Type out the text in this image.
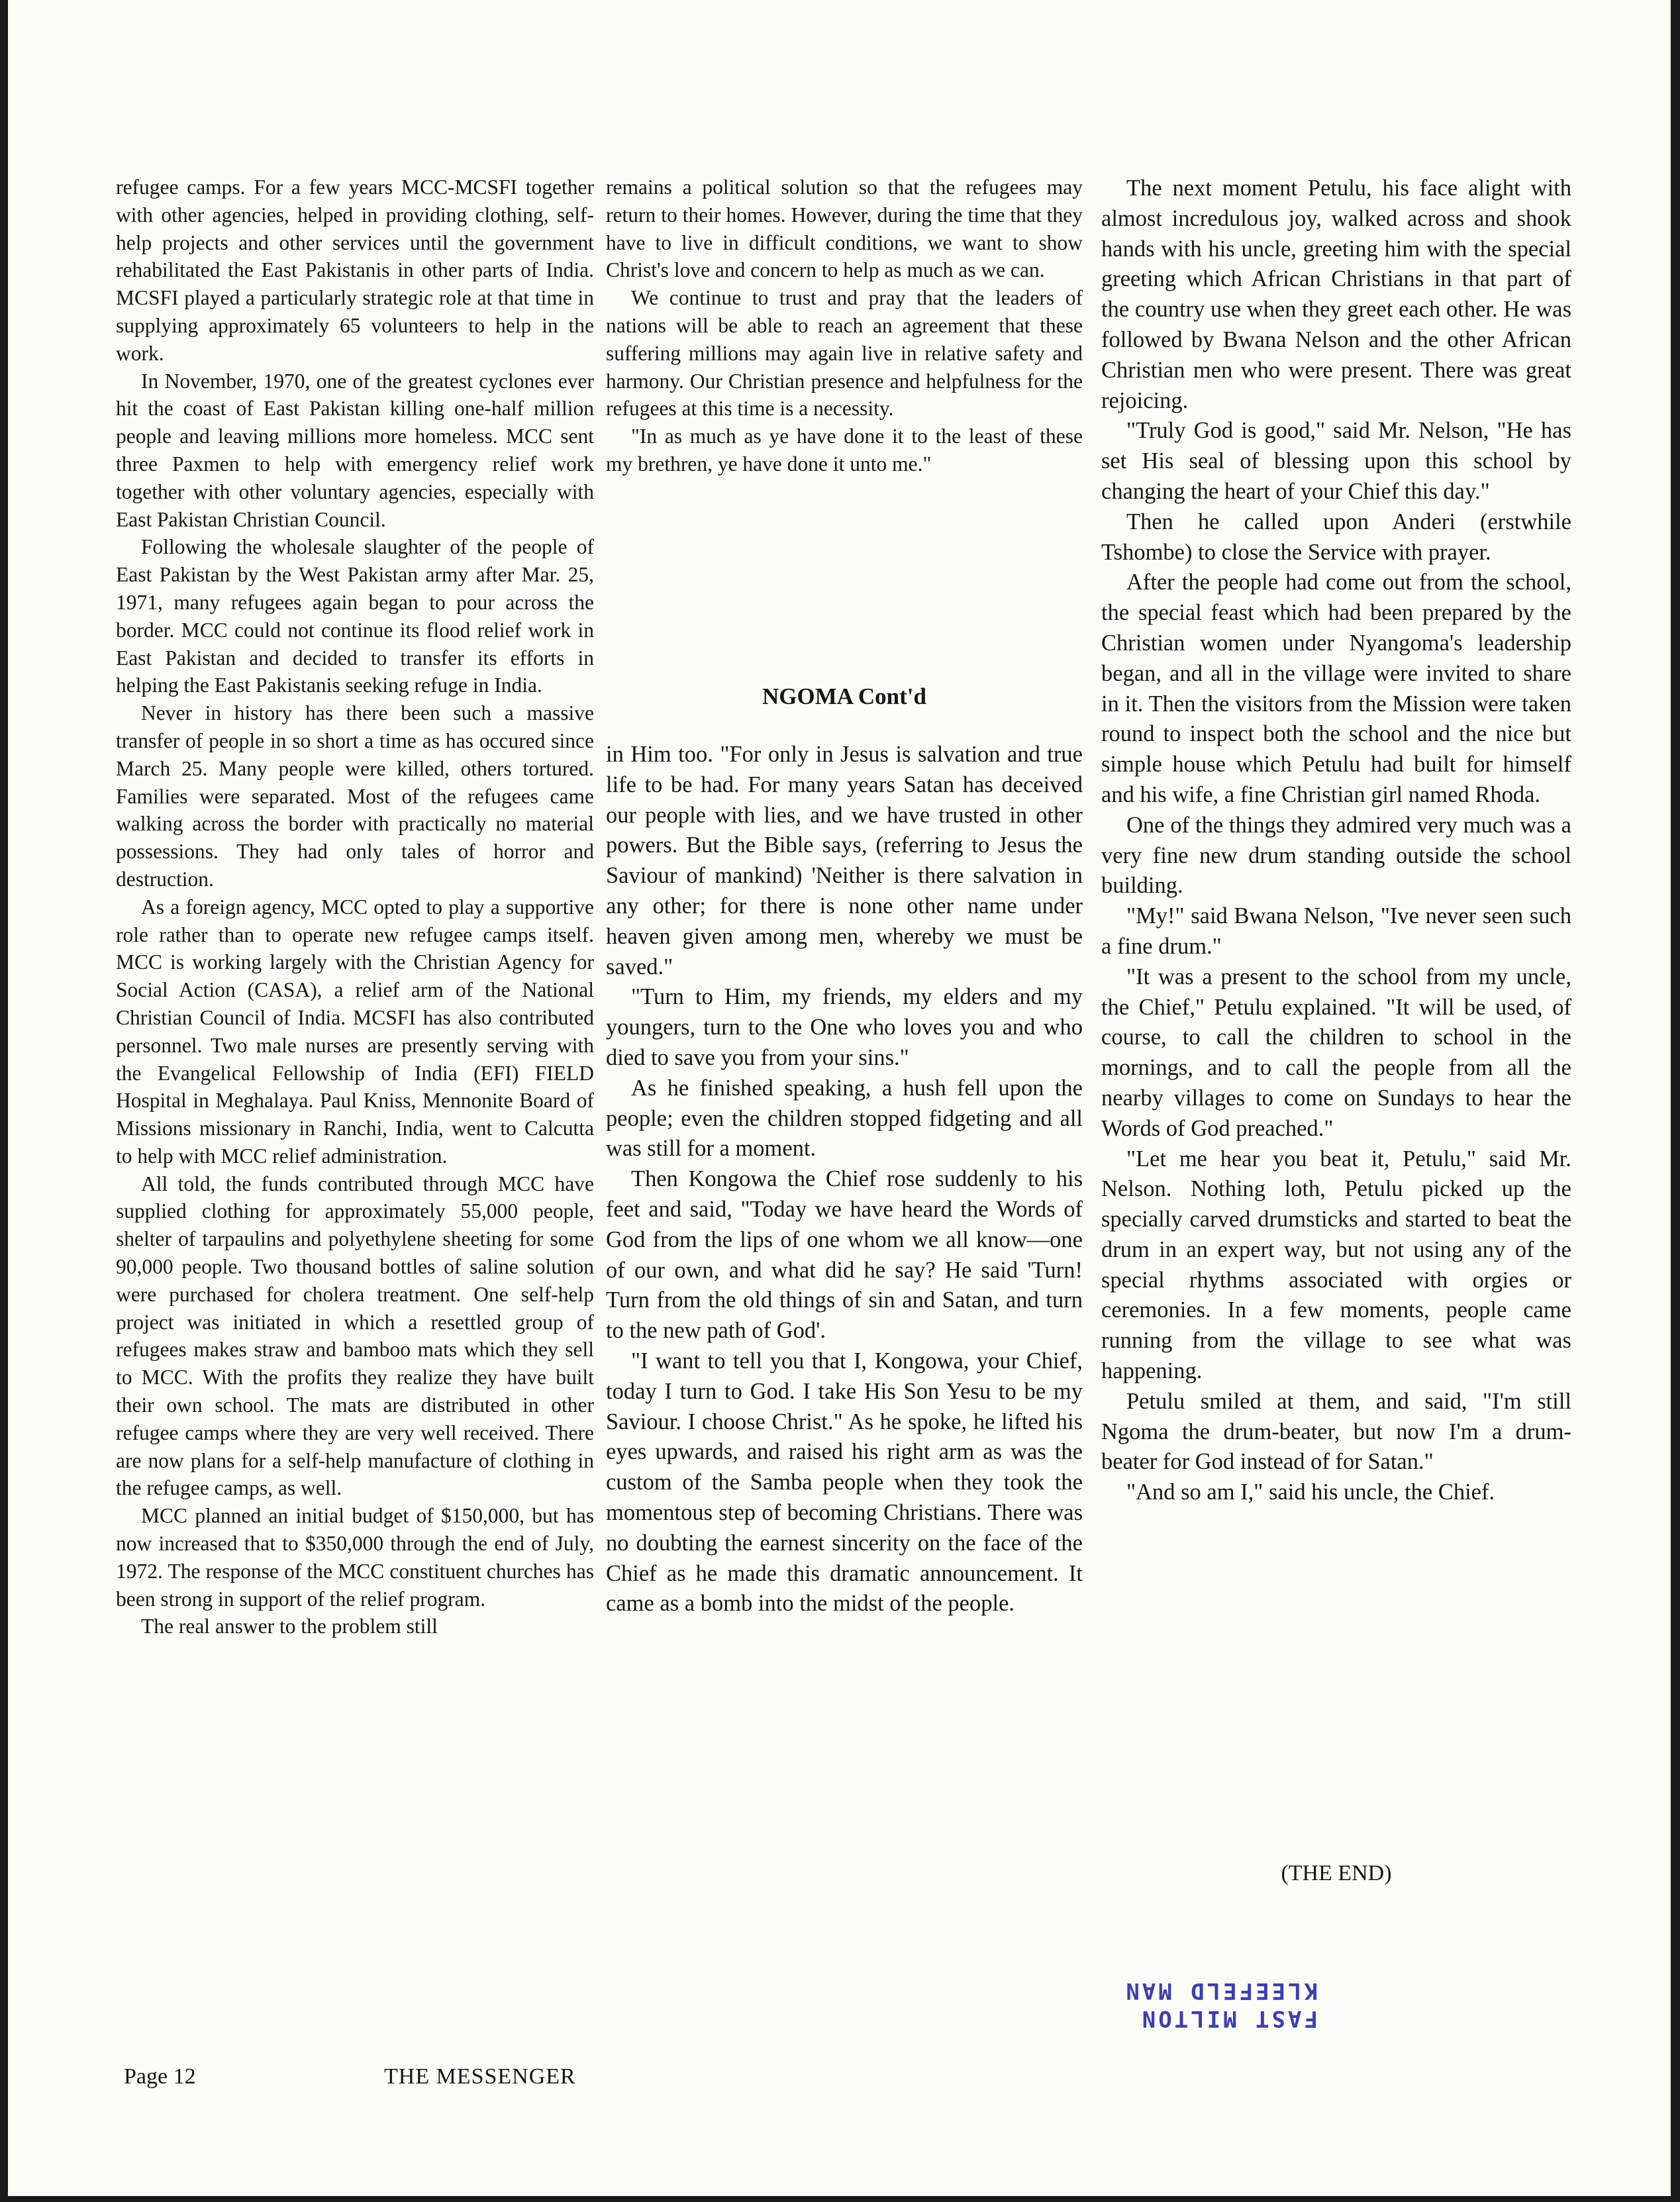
refugee camps. For a few years MCC-MCSFI together with other agencies, helped in providing clothing, self-help projects and other services until the government rehabilitated the East Pakistanis in other parts of India. MCSFI played a particularly strategic role at that time in supplying approximately 65 volunteers to help in the work.

In November, 1970, one of the greatest cyclones ever hit the coast of East Pakistan killing one-half million people and leaving millions more homeless. MCC sent three Paxmen to help with emergency relief work together with other voluntary agencies, especially with East Pakistan Christian Council.

Following the wholesale slaughter of the people of East Pakistan by the West Pakistan army after Mar. 25, 1971, many refugees again began to pour across the border. MCC could not continue its flood relief work in East Pakistan and decided to transfer its efforts in helping the East Pakistanis seeking refuge in India.

Never in history has there been such a massive transfer of people in so short a time as has occured since March 25. Many people were killed, others tortured. Families were separated. Most of the refugees came walking across the border with practically no material possessions. They had only tales of horror and destruction.

As a foreign agency, MCC opted to play a supportive role rather than to operate new refugee camps itself. MCC is working largely with the Christian Agency for Social Action (CASA), a relief arm of the National Christian Council of India. MCSFI has also contributed personnel. Two male nurses are presently serving with the Evangelical Fellowship of India (EFI) FIELD Hospital in Meghalaya. Paul Kniss, Mennonite Board of Missions missionary in Ranchi, India, went to Calcutta to help with MCC relief administration.

All told, the funds contributed through MCC have supplied clothing for approximately 55,000 people, shelter of tarpaulins and polyethylene sheeting for some 90,000 people. Two thousand bottles of saline solution were purchased for cholera treatment. One self-help project was initiated in which a resettled group of refugees makes straw and bamboo mats which they sell to MCC. With the profits they realize they have built their own school. The mats are distributed in other refugee camps where they are very well received. There are now plans for a self-help manufacture of clothing in the refugee camps, as well.

MCC planned an initial budget of $150,000, but has now increased that to $350,000 through the end of July, 1972. The response of the MCC constituent churches has been strong in support of the relief program.

The real answer to the problem still

remains a political solution so that the refugees may return to their homes. However, during the time that they have to live in difficult conditions, we want to show Christ's love and concern to help as much as we can.

We continue to trust and pray that the leaders of nations will be able to reach an agreement that these suffering millions may again live in relative safety and harmony. Our Christian presence and helpfulness for the refugees at this time is a necessity.

"In as much as ye have done it to the least of these my brethren, ye have done it unto me."

NGOMA Cont'd

in Him too. "For only in Jesus is salvation and true life to be had. For many years Satan has deceived our people with lies, and we have trusted in other powers. But the Bible says, (referring to Jesus the Saviour of mankind) 'Neither is there salvation in any other; for there is none other name under heaven given among men, whereby we must be saved."

"Turn to Him, my friends, my elders and my youngers, turn to the One who loves you and who died to save you from your sins."

As he finished speaking, a hush fell upon the people; even the children stopped fidgeting and all was still for a moment.

Then Kongowa the Chief rose suddenly to his feet and said, "Today we have heard the Words of God from the lips of one whom we all know—one of our own, and what did he say? He said 'Turn! Turn from the old things of sin and Satan, and turn to the new path of God'.

"I want to tell you that I, Kongowa, your Chief, today I turn to God. I take His Son Yesu to be my Saviour. I choose Christ." As he spoke, he lifted his eyes upwards, and raised his right arm as was the custom of the Samba people when they took the momentous step of becoming Christians. There was no doubting the earnest sincerity on the face of the Chief as he made this dramatic announcement. It came as a bomb into the midst of the people.

The next moment Petulu, his face alight with almost incredulous joy, walked across and shook hands with his uncle, greeting him with the special greeting which African Christians in that part of the country use when they greet each other. He was followed by Bwana Nelson and the other African Christian men who were present. There was great rejoicing.

"Truly God is good," said Mr. Nelson, "He has set His seal of blessing upon this school by changing the heart of your Chief this day."

Then he called upon Anderi (erstwhile Tshombe) to close the Service with prayer.

After the people had come out from the school, the special feast which had been prepared by the Christian women under Nyangoma's leadership began, and all in the village were invited to share in it. Then the visitors from the Mission were taken round to inspect both the school and the nice but simple house which Petulu had built for himself and his wife, a fine Christian girl named Rhoda.

One of the things they admired very much was a very fine new drum standing outside the school building.

"My!" said Bwana Nelson, "Ive never seen such a fine drum."

"It was a present to the school from my uncle, the Chief," Petulu explained. "It will be used, of course, to call the children to school in the mornings, and to call the people from all the nearby villages to come on Sundays to hear the Words of God preached."

"Let me hear you beat it, Petulu," said Mr. Nelson. Nothing loth, Petulu picked up the specially carved drumsticks and started to beat the drum in an expert way, but not using any of the special rhythms associated with orgies or ceremonies. In a few moments, people came running from the village to see what was happening.

Petulu smiled at them, and said, "I'm still Ngoma the drum-beater, but now I'm a drum-beater for God instead of for Satan."

"And so am I," said his uncle, the Chief.

(THE END)
FAST MILTON
KLEEFELD MAN
Page 12	THE MESSENGER
